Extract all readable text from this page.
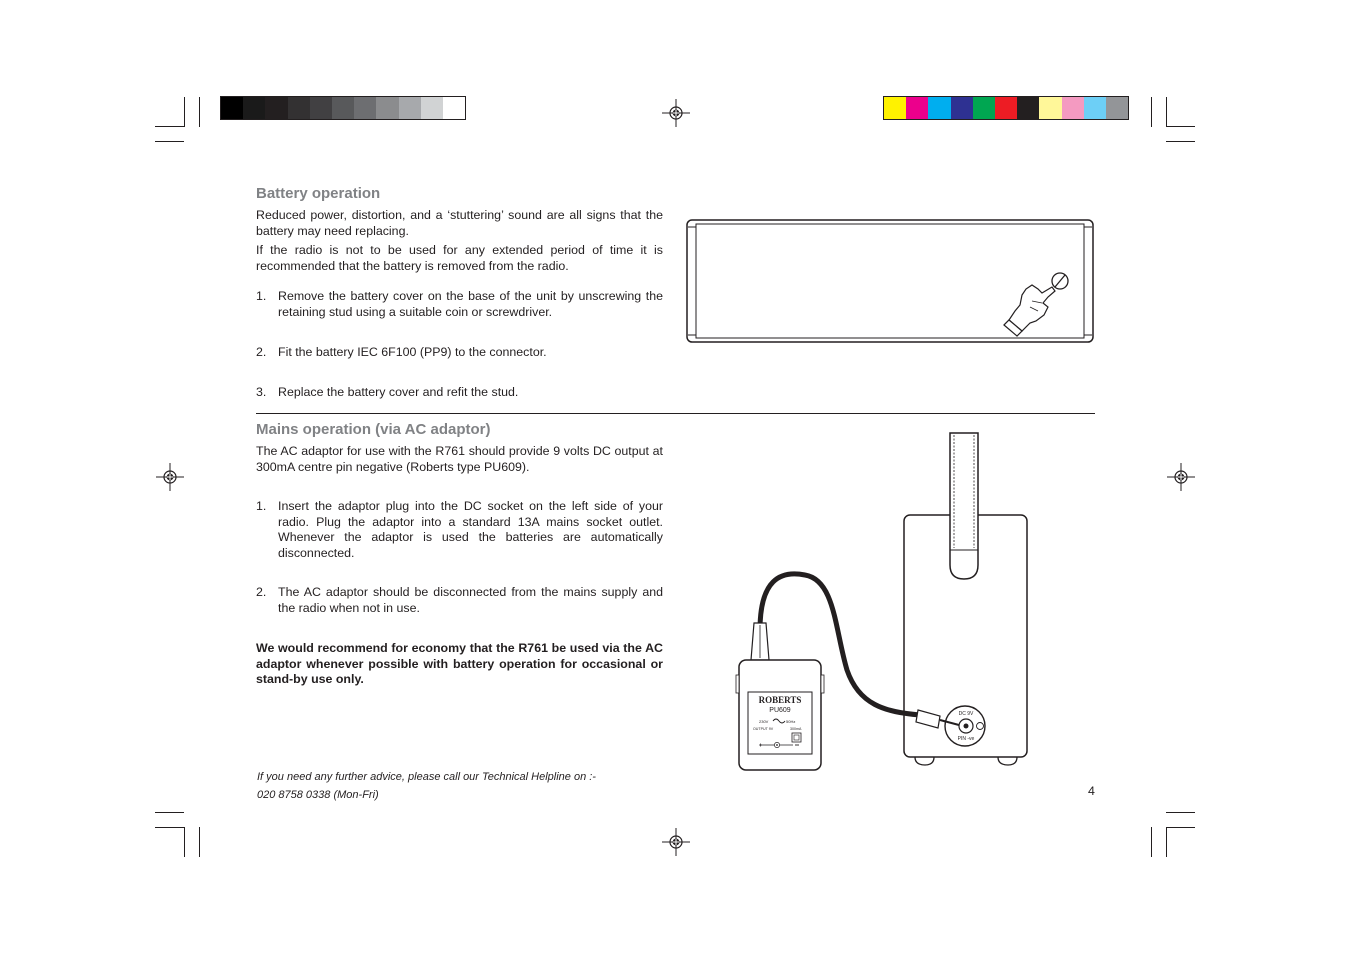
Battery operation

Reduced power, distortion, and a ‘stuttering’ sound are all signs that the battery may need replacing.

If the radio is not to be used for any extended period of time it is recommended that the battery is removed from the radio.

1. Remove the battery cover on the base of the unit by unscrewing the retaining stud using a suitable coin or screwdriver.

2. Fit the battery IEC 6F100 (PP9) to the connector.

3. Replace the battery cover and refit the stud.

Mains operation (via AC adaptor)

The AC adaptor for use with the R761 should provide 9 volts DC output at 300mA centre pin negative (Roberts type PU609).

1. Insert the adaptor plug into the DC socket on the left side of your radio. Plug the adaptor into a standard 13A mains socket outlet. Whenever the adaptor is used the batteries are automatically disconnected.

2. The AC adaptor should be disconnected from the mains supply and the radio when not in use.

We would recommend for economy that the R761 be used via the AC adaptor whenever possible with battery operation for occasional or stand-by use only.

DC 9V
PIN -ve
ROBERTS
PU609
230V	50Hz
OUTPUT 9V	300mA
If you need any further advice, please call our Technical Helpline on :-
020 8758 0338 (Mon-Fri)	4
